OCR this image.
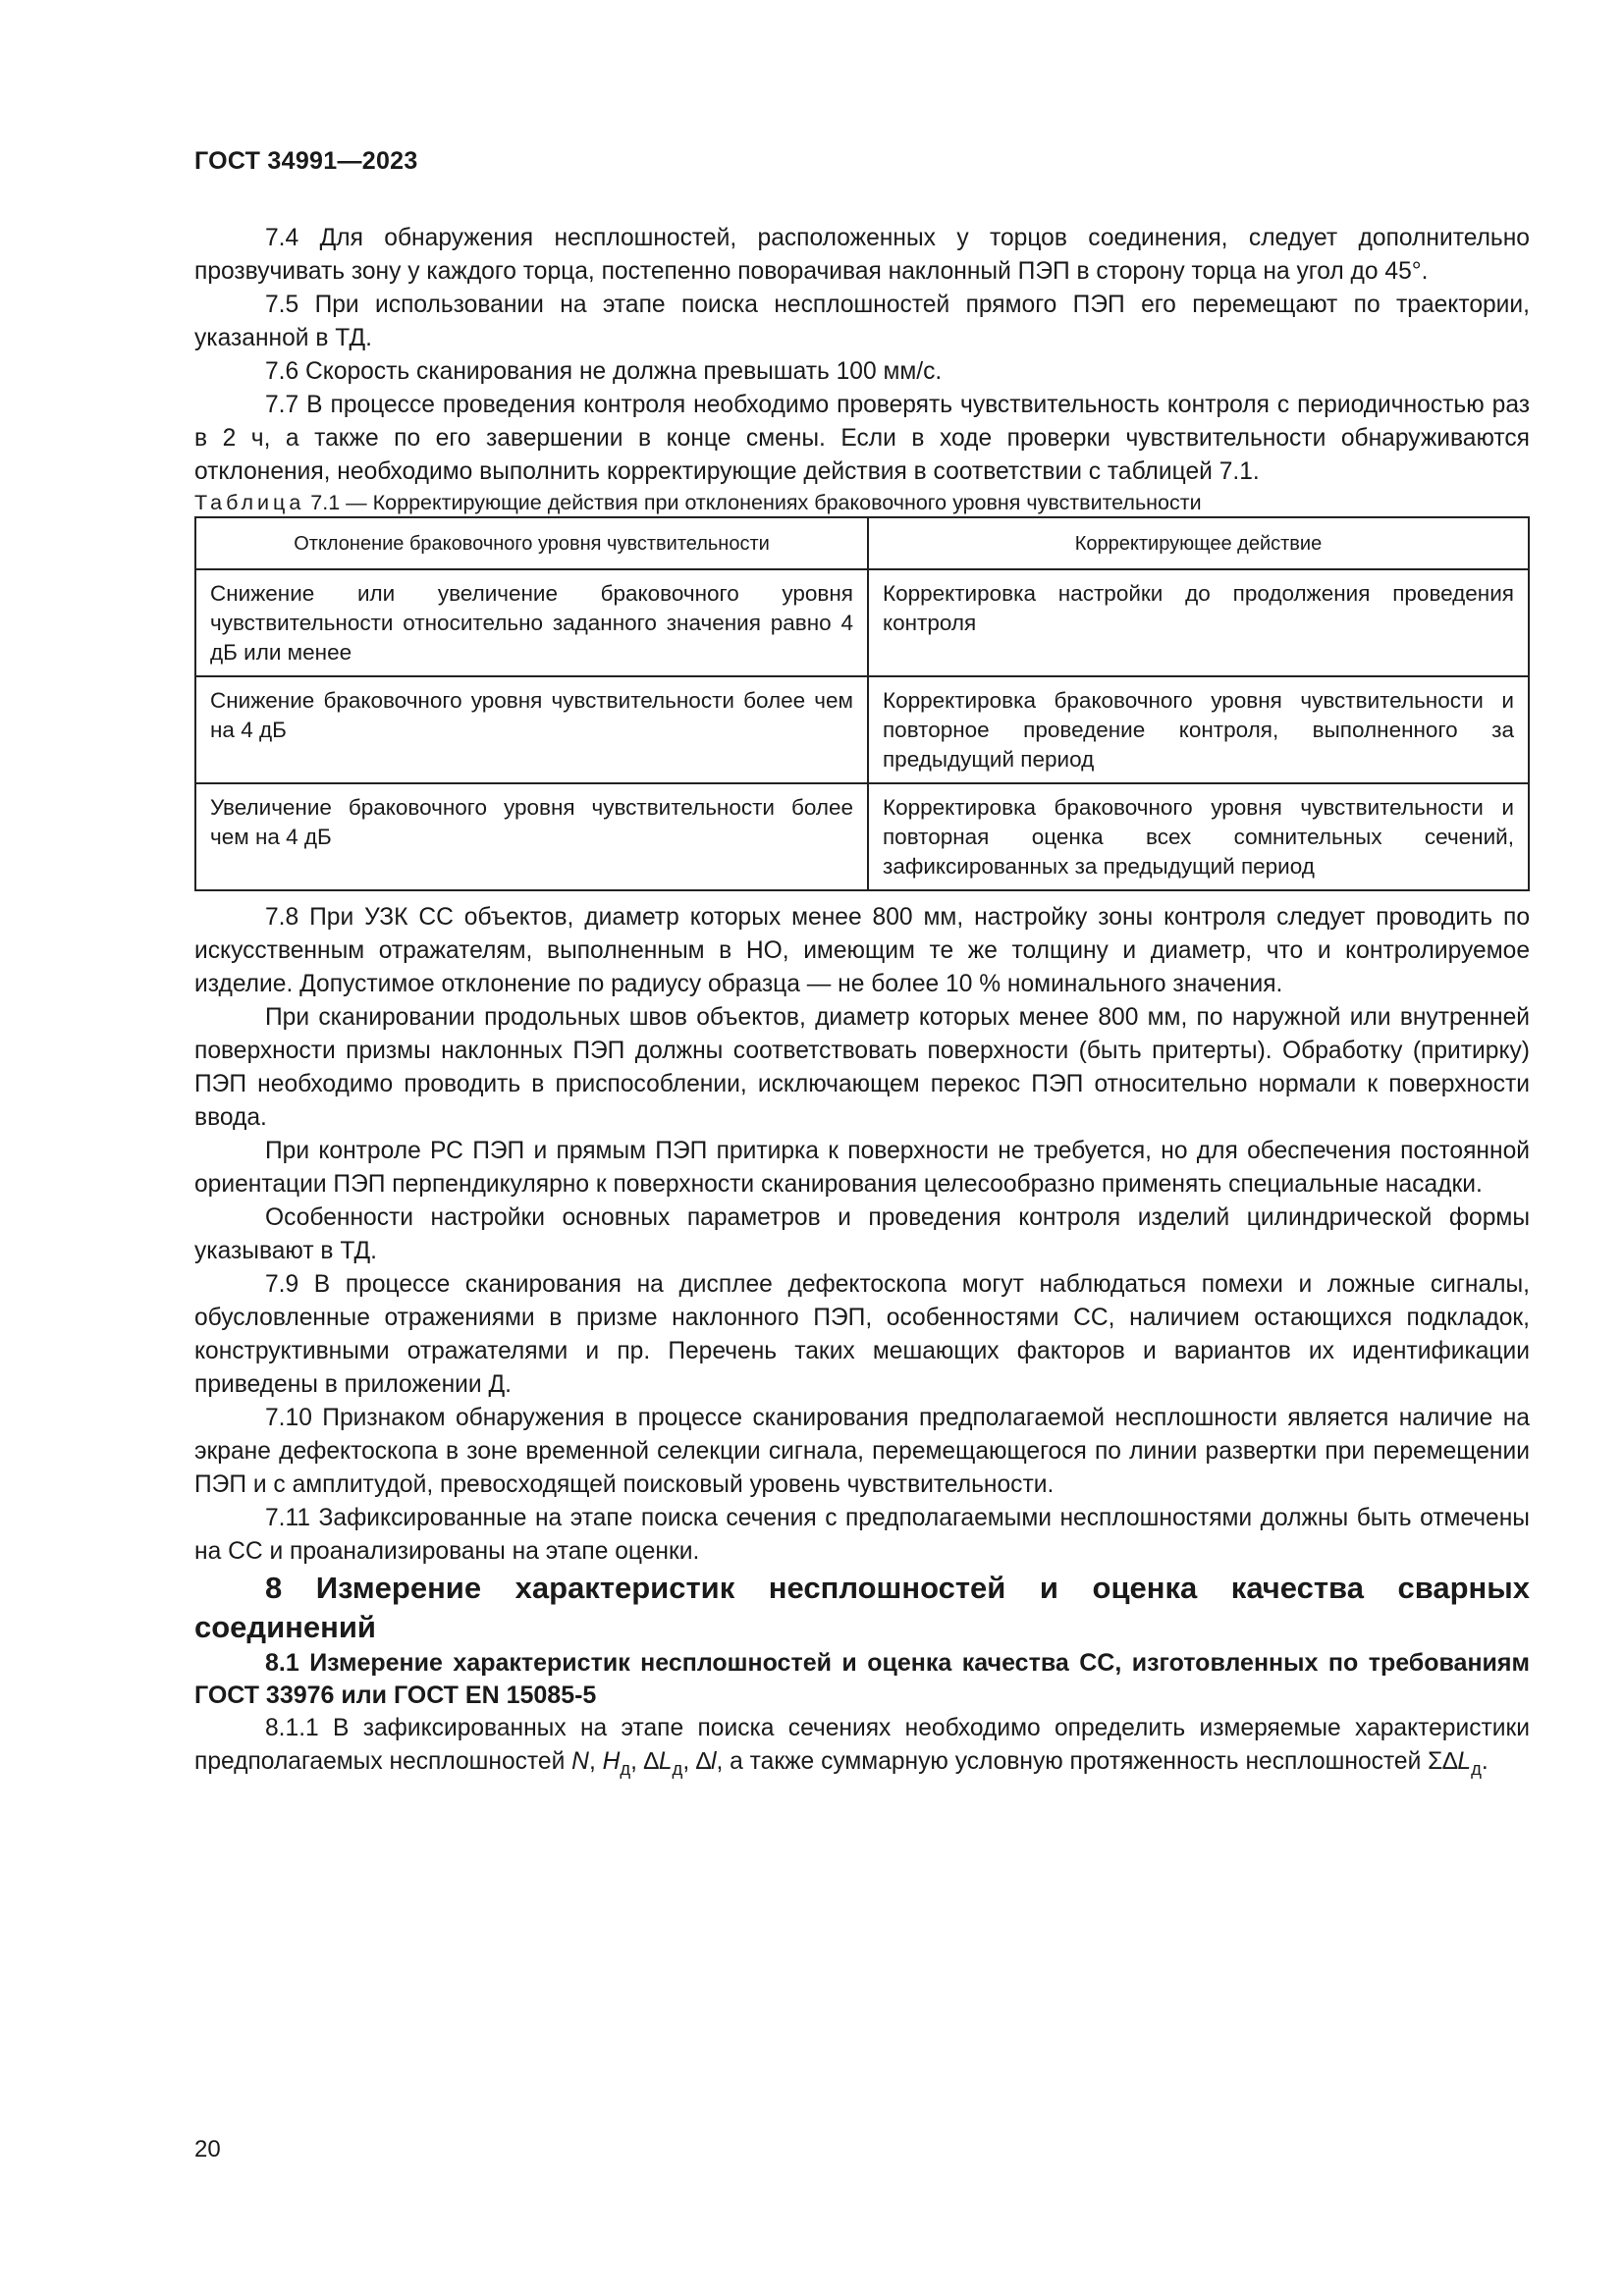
ГОСТ 34991—2023

7.4 Для обнаружения несплошностей, расположенных у торцов соединения, следует дополнительно прозвучивать зону у каждого торца, постепенно поворачивая наклонный ПЭП в сторону торца на угол до 45°.

7.5 При использовании на этапе поиска несплошностей прямого ПЭП его перемещают по траектории, указанной в ТД.

7.6 Скорость сканирования не должна превышать 100 мм/с.

7.7 В процессе проведения контроля необходимо проверять чувствительность контроля с периодичностью раз в 2 ч, а также по его завершении в конце смены. Если в ходе проверки чувствительности обнаруживаются отклонения, необходимо выполнить корректирующие действия в соответствии с таблицей 7.1.

Таблица 7.1 — Корректирующие действия при отклонениях браковочного уровня чувствительности

Отклонение браковочного уровня чувствительности	Корректирующее действие
Снижение или увеличение браковочного уровня чувствительности относительно заданного значения равно 4 дБ или менее	Корректировка настройки до продолжения проведения контроля
Снижение браковочного уровня чувствительности более чем на 4 дБ	Корректировка браковочного уровня чувствительности и повторное проведение контроля, выполненного за предыдущий период
Увеличение браковочного уровня чувствительности более чем на 4 дБ	Корректировка браковочного уровня чувствительности и повторная оценка всех сомнительных сечений, зафиксированных за предыдущий период

7.8 При УЗК СС объектов, диаметр которых менее 800 мм, настройку зоны контроля следует проводить по искусственным отражателям, выполненным в НО, имеющим те же толщину и диаметр, что и контролируемое изделие. Допустимое отклонение по радиусу образца — не более 10 % номинального значения.

При сканировании продольных швов объектов, диаметр которых менее 800 мм, по наружной или внутренней поверхности призмы наклонных ПЭП должны соответствовать поверхности (быть притерты). Обработку (притирку) ПЭП необходимо проводить в приспособлении, исключающем перекос ПЭП относительно нормали к поверхности ввода.

При контроле РС ПЭП и прямым ПЭП притирка к поверхности не требуется, но для обеспечения постоянной ориентации ПЭП перпендикулярно к поверхности сканирования целесообразно применять специальные насадки.

Особенности настройки основных параметров и проведения контроля изделий цилиндрической формы указывают в ТД.

7.9 В процессе сканирования на дисплее дефектоскопа могут наблюдаться помехи и ложные сигналы, обусловленные отражениями в призме наклонного ПЭП, особенностями СС, наличием остающихся подкладок, конструктивными отражателями и пр. Перечень таких мешающих факторов и вариантов их идентификации приведены в приложении Д.

7.10 Признаком обнаружения в процессе сканирования предполагаемой несплошности является наличие на экране дефектоскопа в зоне временной селекции сигнала, перемещающегося по линии развертки при перемещении ПЭП и с амплитудой, превосходящей поисковый уровень чувствительности.

7.11 Зафиксированные на этапе поиска сечения с предполагаемыми несплошностями должны быть отмечены на СС и проанализированы на этапе оценки.

8 Измерение характеристик несплошностей и оценка качества сварных соединений

8.1 Измерение характеристик несплошностей и оценка качества СС, изготовленных по требованиям ГОСТ 33976 или ГОСТ EN 15085-5

8.1.1 В зафиксированных на этапе поиска сечениях необходимо определить измеряемые характеристики предполагаемых несплошностей N, $H_д$, $\Delta L_д$, ∆l, а также суммарную условную протяженность несплошностей $\Sigma\Delta L_д$.

20
